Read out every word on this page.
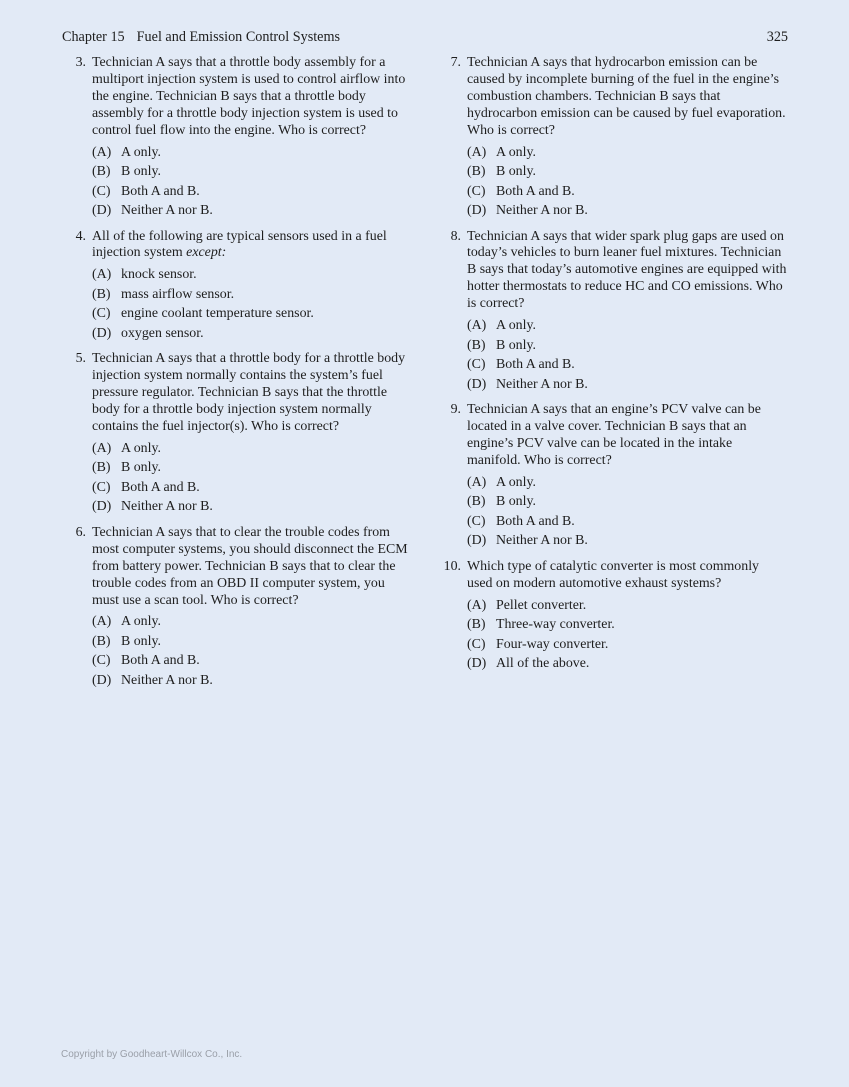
Chapter 15 Fuel and Emission Control Systems	325
3. Technician A says that a throttle body assembly for a multiport injection system is used to control airflow into the engine. Technician B says that a throttle body assembly for a throttle body injection system is used to control fuel flow into the engine. Who is correct?
(A) A only.
(B) B only.
(C) Both A and B.
(D) Neither A nor B.
4. All of the following are typical sensors used in a fuel injection system except:
(A) knock sensor.
(B) mass airflow sensor.
(C) engine coolant temperature sensor.
(D) oxygen sensor.
5. Technician A says that a throttle body for a throttle body injection system normally contains the system’s fuel pressure regulator. Technician B says that the throttle body for a throttle body injection system normally contains the fuel injector(s). Who is correct?
(A) A only.
(B) B only.
(C) Both A and B.
(D) Neither A nor B.
6. Technician A says that to clear the trouble codes from most computer systems, you should disconnect the ECM from battery power. Technician B says that to clear the trouble codes from an OBD II computer system, you must use a scan tool. Who is correct?
(A) A only.
(B) B only.
(C) Both A and B.
(D) Neither A nor B.
7. Technician A says that hydrocarbon emission can be caused by incomplete burning of the fuel in the engine’s combustion chambers. Technician B says that hydrocarbon emission can be caused by fuel evaporation. Who is correct?
(A) A only.
(B) B only.
(C) Both A and B.
(D) Neither A nor B.
8. Technician A says that wider spark plug gaps are used on today’s vehicles to burn leaner fuel mixtures. Technician B says that today’s automotive engines are equipped with hotter thermostats to reduce HC and CO emissions. Who is correct?
(A) A only.
(B) B only.
(C) Both A and B.
(D) Neither A nor B.
9. Technician A says that an engine’s PCV valve can be located in a valve cover. Technician B says that an engine’s PCV valve can be located in the intake manifold. Who is correct?
(A) A only.
(B) B only.
(C) Both A and B.
(D) Neither A nor B.
10. Which type of catalytic converter is most commonly used on modern automotive exhaust systems?
(A) Pellet converter.
(B) Three-way converter.
(C) Four-way converter.
(D) All of the above.
Copyright by Goodheart-Willcox Co., Inc.
